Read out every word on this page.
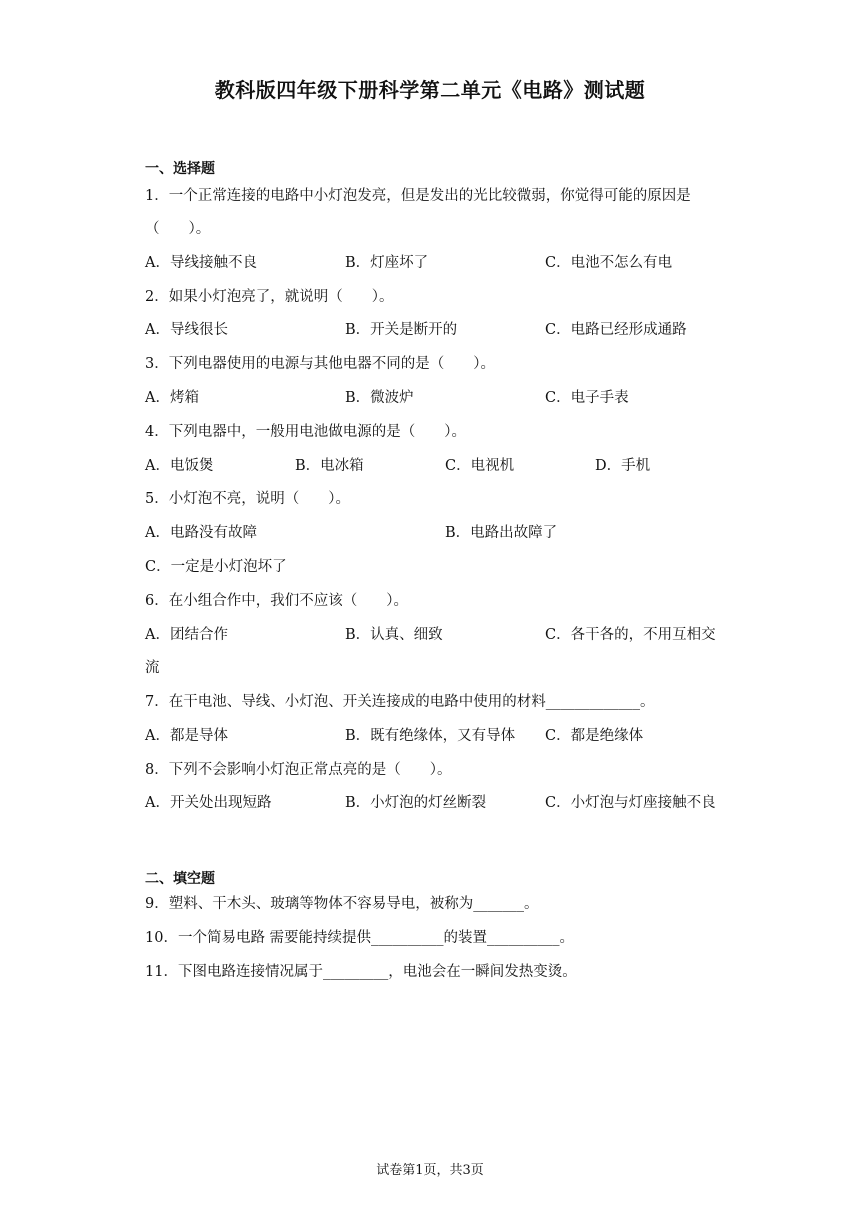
教科版四年级下册科学第二单元《电路》测试题
一、选择题
1．一个正常连接的电路中小灯泡发亮，但是发出的光比较微弱，你觉得可能的原因是
（　　）。
A．导线接触不良	B．灯座坏了	C．电池不怎么有电
2．如果小灯泡亮了，就说明（　　）。
A．导线很长	B．开关是断开的	C．电路已经形成通路
3．下列电器使用的电源与其他电器不同的是（　　）。
A．烤箱	B．微波炉	C．电子手表
4．下列电器中，一般用电池做电源的是（　　）。
A．电饭煲	B．电冰箱	C．电视机	D．手机
5．小灯泡不亮，说明（　　）。
A．电路没有故障	B．电路出故障了
C．一定是小灯泡坏了
6．在小组合作中，我们不应该（　　）。
A．团结合作	B．认真、细致	C．各干各的，不用互相交
流
7．在干电池、导线、小灯泡、开关连接成的电路中使用的材料_____________。
A．都是导体	B．既有绝缘体，又有导体 C．都是绝缘体
8．下列不会影响小灯泡正常点亮的是（　　）。
A．开关处出现短路	B．小灯泡的灯丝断裂	C．小灯泡与灯座接触不良
二、填空题
9．塑料、干木头、玻璃等物体不容易导电，被称为_______。
10．一个简易电路 需要能持续提供__________的装置__________。
11．下图电路连接情况属于_________，电池会在一瞬间发热变烫。
试卷第1页，共3页
